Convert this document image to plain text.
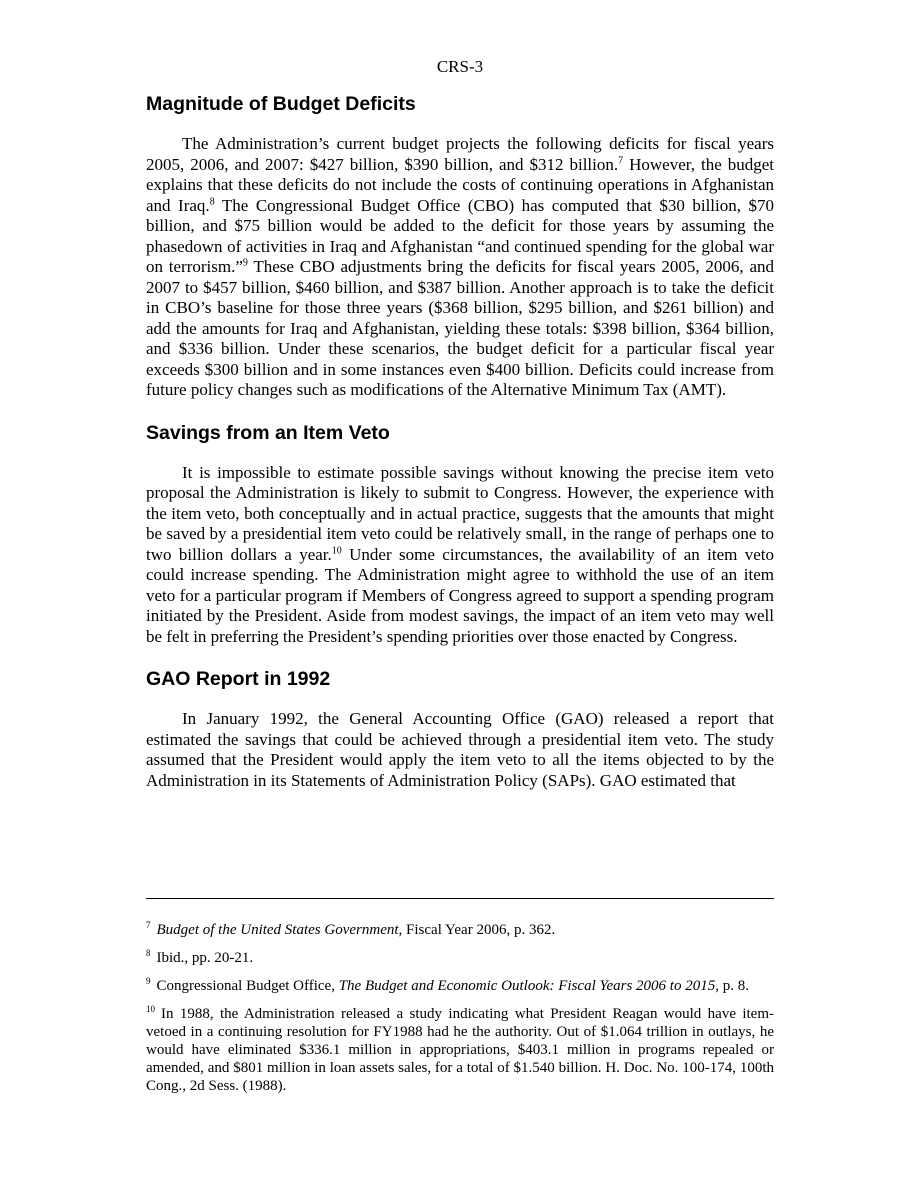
CRS-3
Magnitude of Budget Deficits

The Administration’s current budget projects the following deficits for fiscal years 2005, 2006, and 2007: $427 billion, $390 billion, and $312 billion.$^7$ However, the budget explains that these deficits do not include the costs of continuing operations in Afghanistan and Iraq.$^8$ The Congressional Budget Office (CBO) has computed that $30 billion, $70 billion, and $75 billion would be added to the deficit for those years by assuming the phasedown of activities in Iraq and Afghanistan “and continued spending for the global war on terrorism.”$^9$ These CBO adjustments bring the deficits for fiscal years 2005, 2006, and 2007 to $457 billion, $460 billion, and $387 billion. Another approach is to take the deficit in CBO’s baseline for those three years ($368 billion, $295 billion, and $261 billion) and add the amounts for Iraq and Afghanistan, yielding these totals: $398 billion, $364 billion, and $336 billion. Under these scenarios, the budget deficit for a particular fiscal year exceeds $300 billion and in some instances even $400 billion. Deficits could increase from future policy changes such as modifications of the Alternative Minimum Tax (AMT).

Savings from an Item Veto

It is impossible to estimate possible savings without knowing the precise item veto proposal the Administration is likely to submit to Congress. However, the experience with the item veto, both conceptually and in actual practice, suggests that the amounts that might be saved by a presidential item veto could be relatively small, in the range of perhaps one to two billion dollars a year.$^{10}$ Under some circumstances, the availability of an item veto could increase spending. The Administration might agree to withhold the use of an item veto for a particular program if Members of Congress agreed to support a spending program initiated by the President. Aside from modest savings, the impact of an item veto may well be felt in preferring the President’s spending priorities over those enacted by Congress.

GAO Report in 1992

In January 1992, the General Accounting Office (GAO) released a report that estimated the savings that could be achieved through a presidential item veto. The study assumed that the President would apply the item veto to all the items objected to by the Administration in its Statements of Administration Policy (SAPs). GAO estimated that

$^7$ Budget of the United States Government, Fiscal Year 2006, p. 362.
$^8$ Ibid., pp. 20-21.
$^9$ Congressional Budget Office, The Budget and Economic Outlook: Fiscal Years 2006 to 2015, p. 8.
$^{10}$ In 1988, the Administration released a study indicating what President Reagan would have item-vetoed in a continuing resolution for FY1988 had he the authority. Out of $1.064 trillion in outlays, he would have eliminated $336.1 million in appropriations, $403.1 million in programs repealed or amended, and $801 million in loan assets sales, for a total of $1.540 billion. H. Doc. No. 100-174, 100th Cong., 2d Sess. (1988).
